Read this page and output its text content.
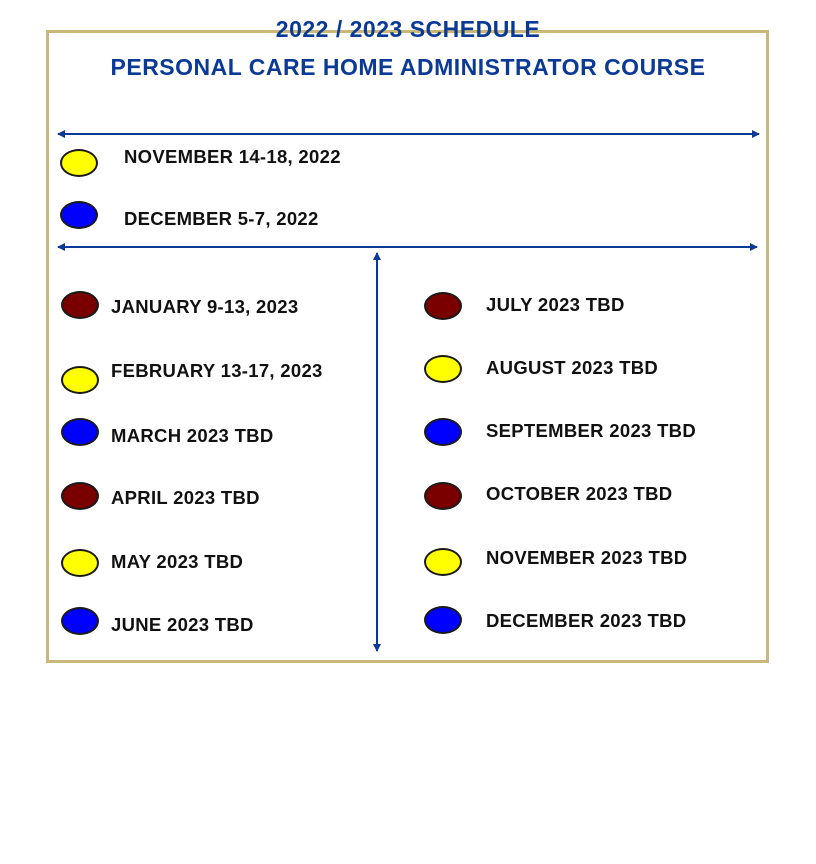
2022 / 2023 SCHEDULE
PERSONAL CARE HOME ADMINISTRATOR COURSE
NOVEMBER 14-18, 2022
DECEMBER 5-7, 2022
JANUARY 9-13, 2023
FEBRUARY 13-17, 2023
MARCH 2023 TBD
APRIL 2023 TBD
MAY 2023 TBD
JUNE 2023 TBD
JULY 2023 TBD
AUGUST 2023 TBD
SEPTEMBER 2023 TBD
OCTOBER 2023 TBD
NOVEMBER 2023 TBD
DECEMBER 2023 TBD
